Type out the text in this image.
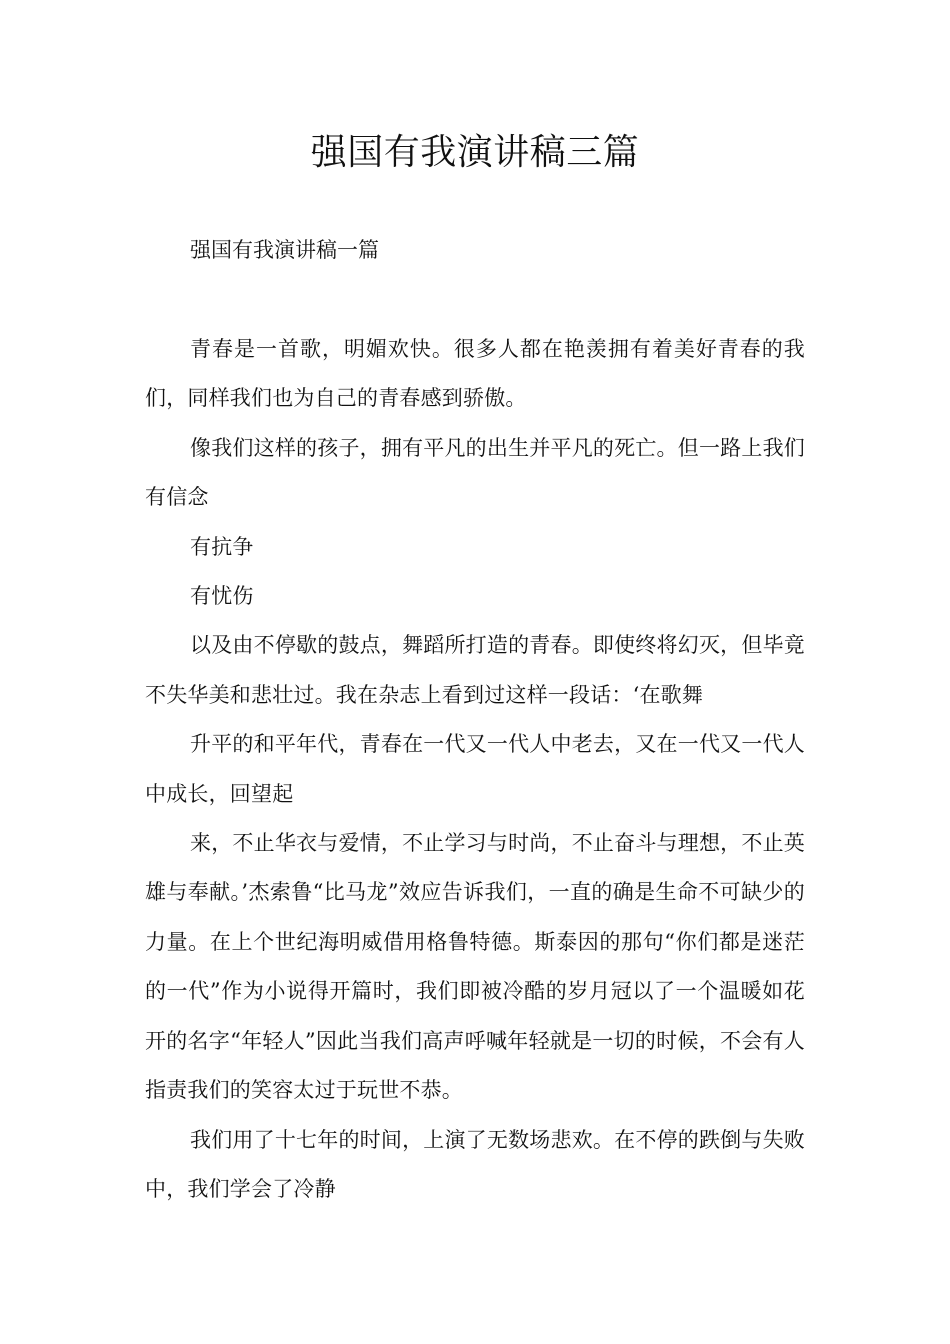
强国有我演讲稿三篇
强国有我演讲稿一篇

青春是一首歌，明媚欢快。很多人都在艳羡拥有着美好青春的我们，同样我们也为自己的青春感到骄傲。

像我们这样的孩子，拥有平凡的出生并平凡的死亡。但一路上我们有信念

有抗争

有忧伤

以及由不停歇的鼓点，舞蹈所打造的青春。即使终将幻灭，但毕竟不失华美和悲壮过。我在杂志上看到过这样一段话：‘在歌舞

升平的和平年代，青春在一代又一代人中老去，又在一代又一代人中成长，回望起

来，不止华衣与爱情，不止学习与时尚，不止奋斗与理想，不止英雄与奉献。’杰索鲁“比马龙”效应告诉我们，一直的确是生命不可缺少的力量。在上个世纪海明威借用格鲁特德。斯泰因的那句“你们都是迷茫的一代”作为小说得开篇时，我们即被冷酷的岁月冠以了一个温暖如花开的名字“年轻人”因此当我们高声呼喊年轻就是一切的时候，不会有人指责我们的笑容太过于玩世不恭。

我们用了十七年的时间，上演了无数场悲欢。在不停的跌倒与失败中，我们学会了冷静
